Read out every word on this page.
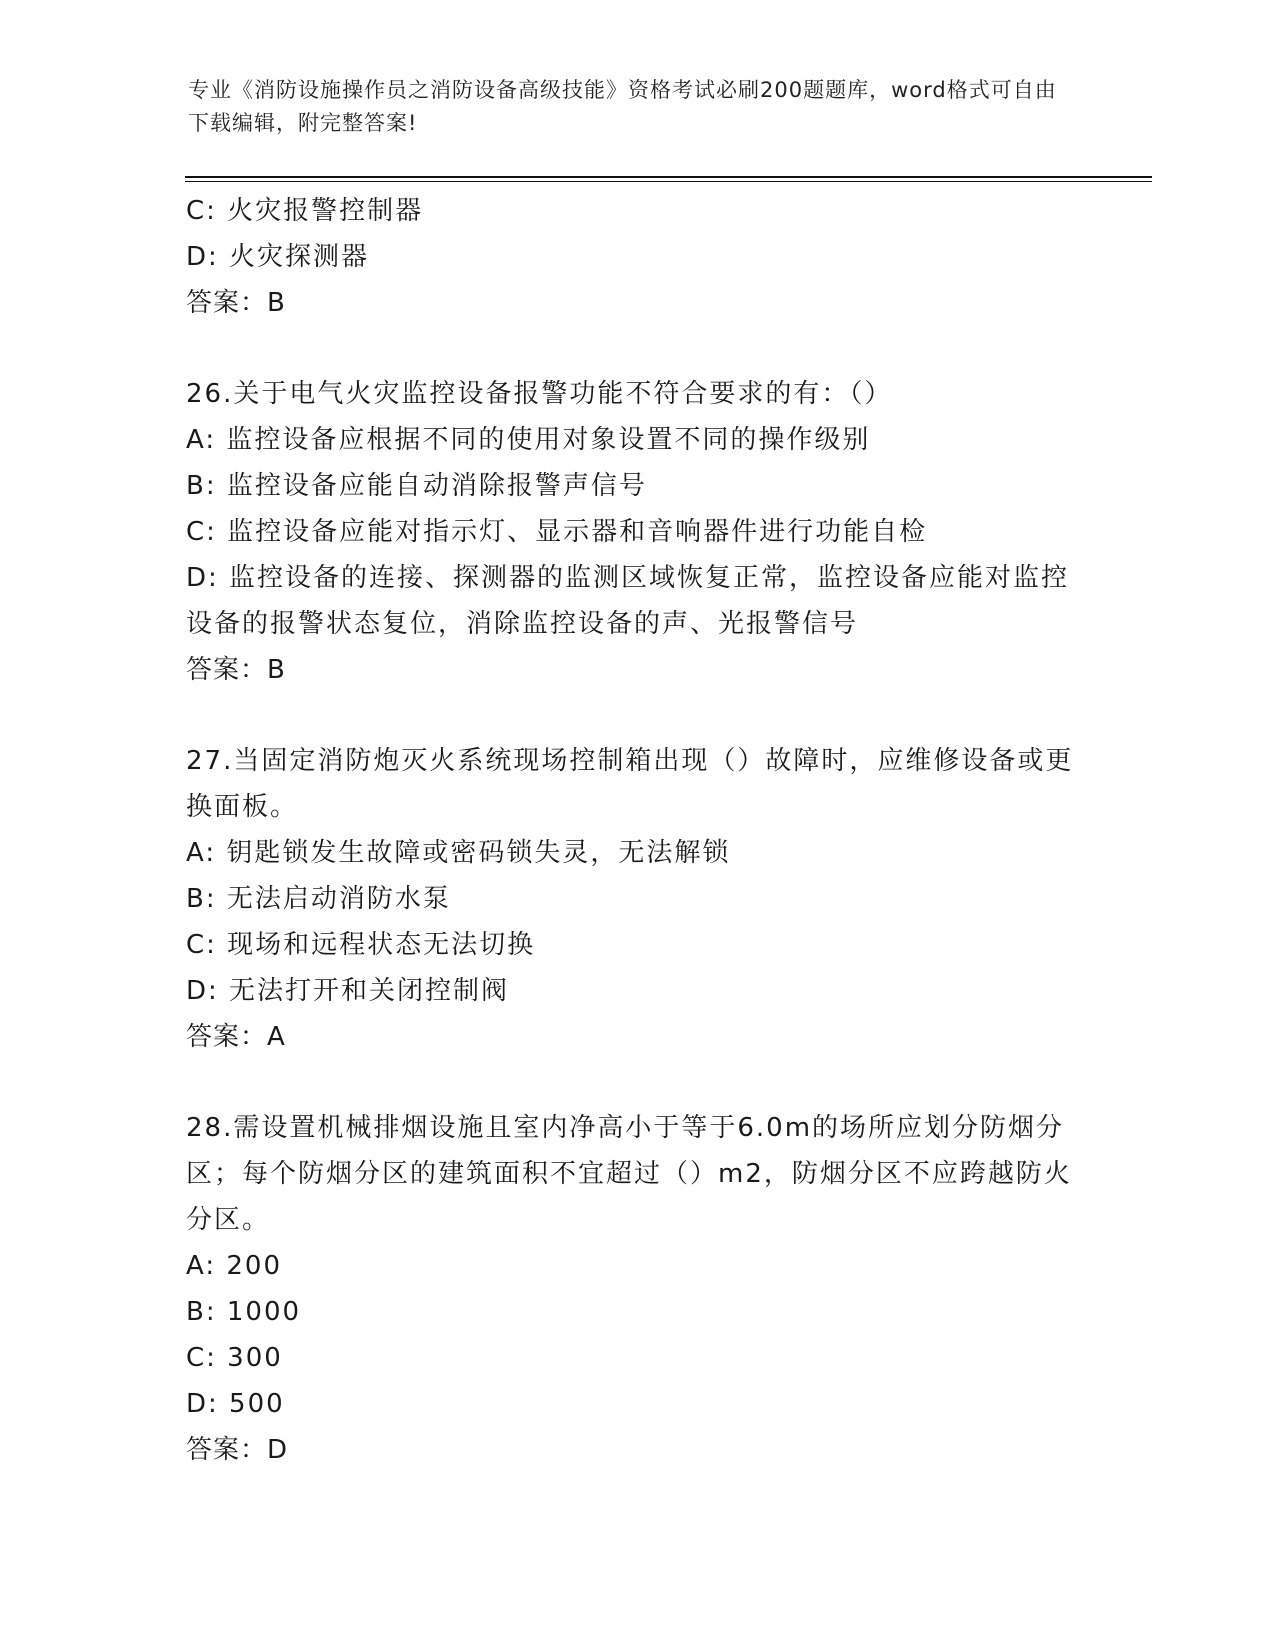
专业《消防设施操作员之消防设备高级技能》资格考试必刷200题题库，word格式可自由下载编辑，附完整答案!
C: 火灾报警控制器
D: 火灾探测器
答案：B
26.关于电气火灾监控设备报警功能不符合要求的有：（）
A: 监控设备应根据不同的使用对象设置不同的操作级别
B: 监控设备应能自动消除报警声信号
C: 监控设备应能对指示灯、显示器和音响器件进行功能自检
D: 监控设备的连接、探测器的监测区域恢复正常，监控设备应能对监控设备的报警状态复位，消除监控设备的声、光报警信号
答案：B
27.当固定消防炮灭火系统现场控制箱出现（）故障时，应维修设备或更换面板。
A: 钥匙锁发生故障或密码锁失灵，无法解锁
B: 无法启动消防水泵
C: 现场和远程状态无法切换
D: 无法打开和关闭控制阀
答案：A
28.需设置机械排烟设施且室内净高小于等于6.0m的场所应划分防烟分区；每个防烟分区的建筑面积不宜超过（）m2，防烟分区不应跨越防火分区。
A: 200
B: 1000
C: 300
D: 500
答案：D
